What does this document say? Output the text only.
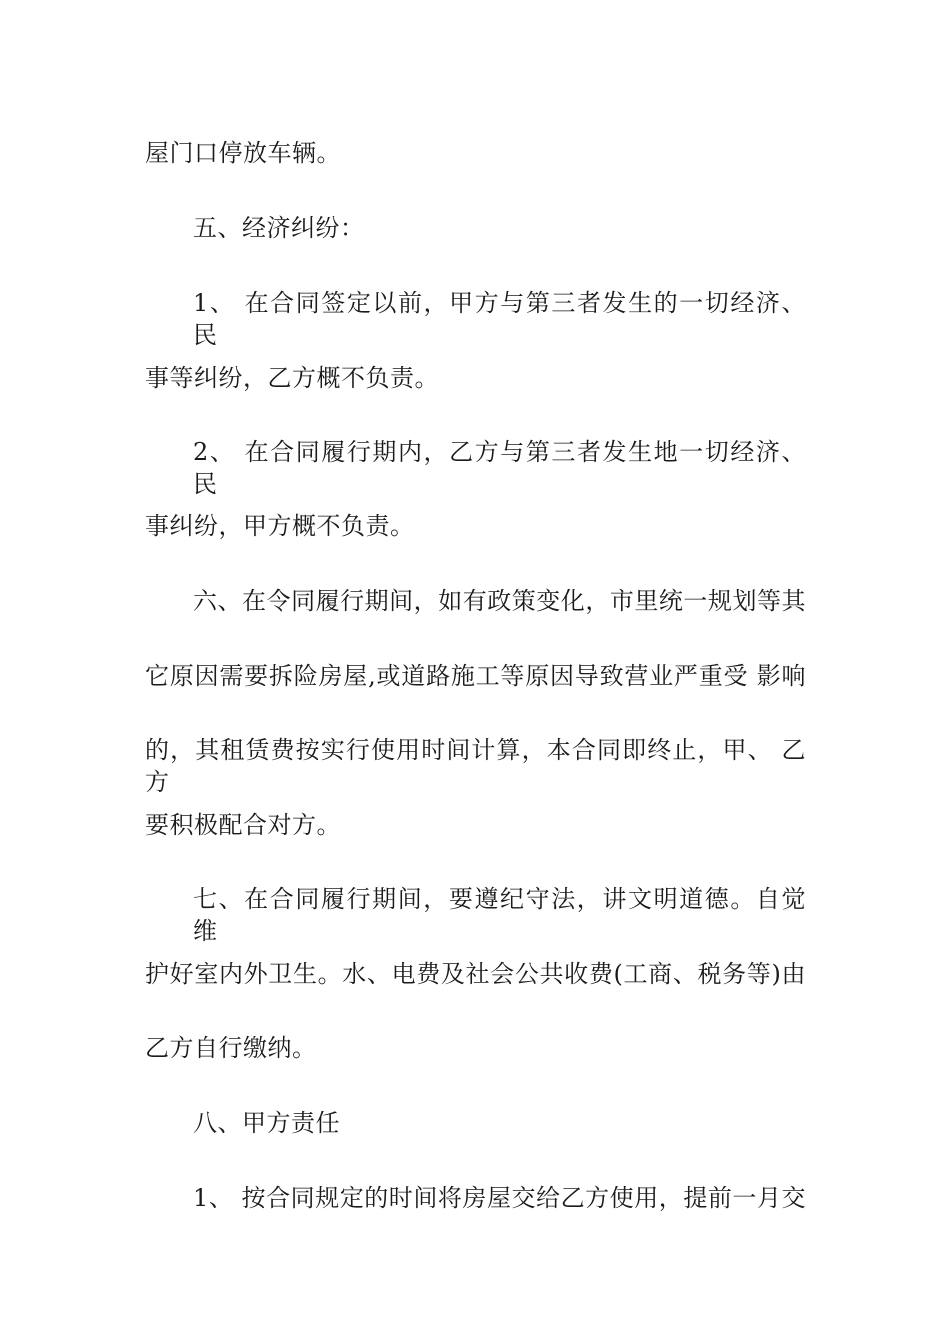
屋门口停放车辆。
五、经济纠纷：
1、 在合同签定以前，甲方与第三者发生的一切经济、 民
事等纠纷，乙方概不负责。
2、 在合同履行期内，乙方与第三者发生地一切经济、 民
事纠纷，甲方概不负责。
六、在令同履行期间，如有政策变化，市里统一规划等其
它原因需要拆险房屋,或道路施工等原因导致营业严重受 影响
的，其租赁费按实行使用时间计算，本合同即终止，甲、 乙方
要积极配合对方。
七、在合同履行期间，要遵纪守法，讲文明道德。自觉 维
护好室内外卫生。水、电费及社会公共收费(工商、税务等)由
乙方自行缴纳。
八、甲方责任
1、 按合同规定的时间将房屋交给乙方使用，提前一月交
